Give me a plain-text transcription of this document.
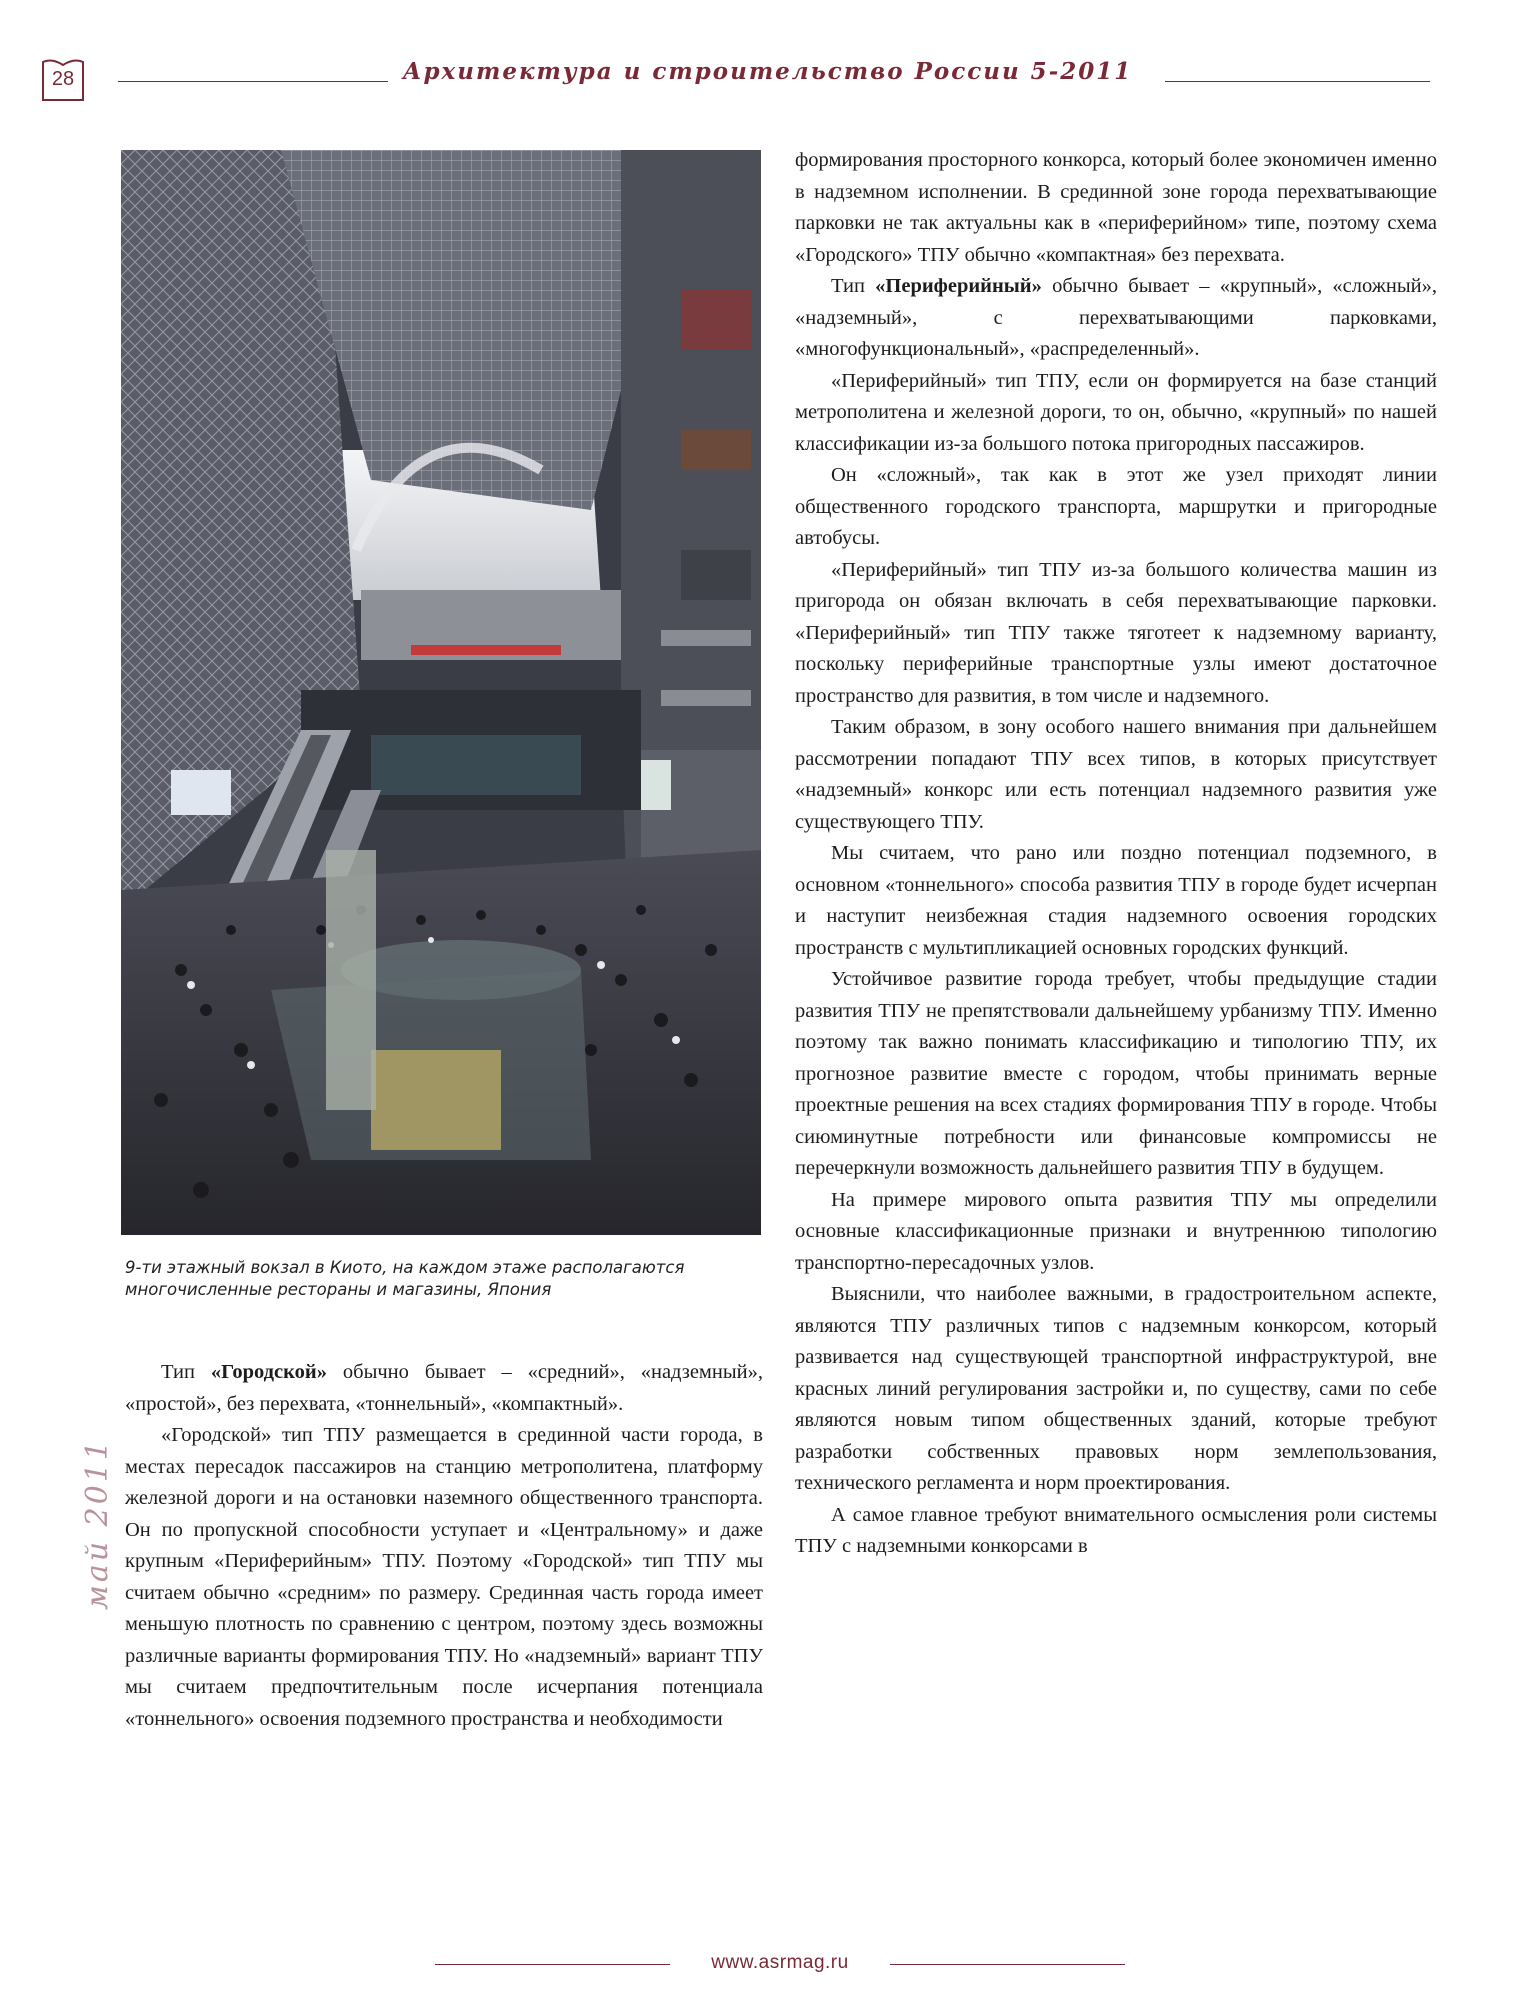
28	Архитектура и строительство России 5-2011
9-ти этажный вокзал в Киото, на каждом этаже располагаются многочисленные рестораны и магазины, Япония
май 2011

Тип «Городской» обычно бывает – «средний», «надземный», «простой», без перехвата, «тоннельный», «компактный».

«Городской» тип ТПУ размещается в срединной части города, в местах пересадок пассажиров на станцию метрополитена, платформу железной дороги и на остановки наземного общественного транспорта. Он по пропускной способности уступает и «Центральному» и даже крупным «Периферийным» ТПУ. Поэтому «Городской» тип ТПУ мы считаем обычно «средним» по размеру. Срединная часть города имеет меньшую плотность по сравнению с центром, поэтому здесь возможны различные варианты формирования ТПУ. Но «надземный» вариант ТПУ мы считаем предпочтительным после исчерпания потенциала «тоннельного» освоения подземного пространства и необходимости

формирования просторного конкорса, который более экономичен именно в надземном исполнении. В срединной зоне города перехватывающие парковки не так актуальны как в «периферийном» типе, поэтому схема «Городского» ТПУ обычно «компактная» без перехвата.

Тип «Периферийный» обычно бывает – «крупный», «сложный», «надземный», с перехватывающими парковками, «многофункциональный», «распределенный».

«Периферийный» тип ТПУ, если он формируется на базе станций метрополитена и железной дороги, то он, обычно, «крупный» по нашей классификации из-за большого потока пригородных пассажиров.

Он «сложный», так как в этот же узел приходят линии общественного городского транспорта, маршрутки и пригородные автобусы.

«Периферийный» тип ТПУ из-за большого количества машин из пригорода он обязан включать в себя перехватывающие парковки. «Периферийный» тип ТПУ также тяготеет к надземному варианту, поскольку периферийные транспортные узлы имеют достаточное пространство для развития, в том числе и надземного.

Таким образом, в зону особого нашего внимания при дальнейшем рассмотрении попадают ТПУ всех типов, в которых присутствует «надземный» конкорс или есть потенциал надземного развития уже существующего ТПУ.

Мы считаем, что рано или поздно потенциал подземного, в основном «тоннельного» способа развития ТПУ в городе будет исчерпан и наступит неизбежная стадия надземного освоения городских пространств с мультипликацией основных городских функций.

Устойчивое развитие города требует, чтобы предыдущие стадии развития ТПУ не препятствовали дальнейшему урбанизму ТПУ. Именно поэтому так важно понимать классификацию и типологию ТПУ, их прогнозное развитие вместе с городом, чтобы принимать верные проектные решения на всех стадиях формирования ТПУ в городе. Чтобы сиюминутные потребности или финансовые компромиссы не перечеркнули возможность дальнейшего развития ТПУ в будущем.

На примере мирового опыта развития ТПУ мы определили основные классификационные признаки и внутреннюю типологию транспортно-пересадочных узлов.

Выяснили, что наиболее важными, в градостроительном аспекте, являются ТПУ различных типов с надземным конкорсом, который развивается над существующей транспортной инфраструктурой, вне красных линий регулирования застройки и, по существу, сами по себе являются новым типом общественных зданий, которые требуют разработки собственных правовых норм землепользования, технического регламента и норм проектирования.

А самое главное требуют внимательного осмысления роли системы ТПУ с надземными конкорсами в

www.asrmag.ru
